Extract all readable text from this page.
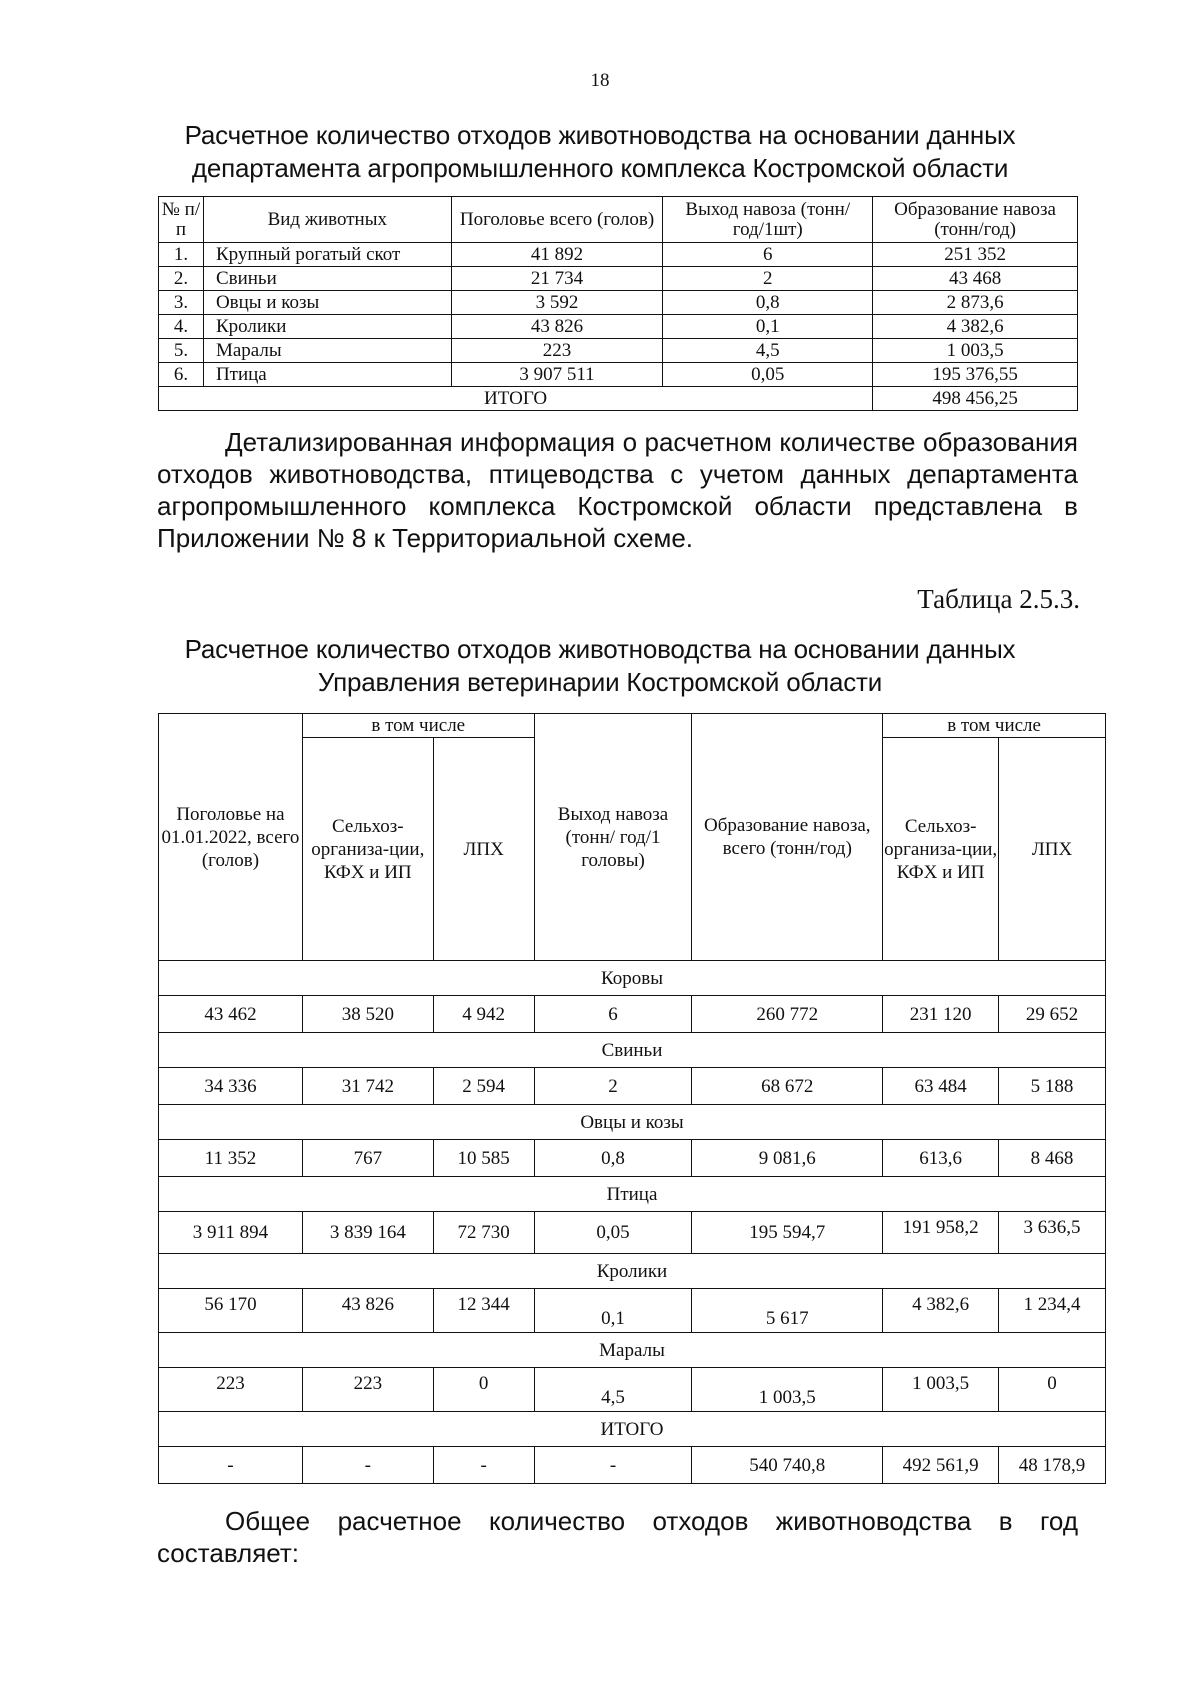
18
Расчетное количество отходов животноводства на основании данных
департамента агропромышленного комплекса Костромской области
№ п/п	Вид животных	Поголовье всего (голов)	Выход навоза (тонн/год/1шт)	Образование навоза (тонн/год)
1.	Крупный рогатый скот	41 892	6	251 352
2.	Свиньи	21 734	2	43 468
3.	Овцы и козы	3 592	0,8	2 873,6
4.	Кролики	43 826	0,1	4 382,6
5.	Маралы	223	4,5	1 003,5
6.	Птица	3 907 511	0,05	195 376,55
ИТОГО				498 456,25
Детализированная информация о расчетном количестве образования
отходов животноводства, птицеводства с учетом данных департамента
агропромышленного комплекса Костромской области представлена в
Приложении № 8 к Территориальной схеме.
Таблица 2.5.3.
Расчетное количество отходов животноводства на основании данных
Управления ветеринарии Костромской области
Поголовье на 01.01.2022, всего (голов)	в том числе		Выход навоза (тонн/ год/1 головы)	Образование навоза, всего (тонн/год)	в том числе	
	Сельхоз-организа-ции, КФХ и ИП	ЛПХ			Сельхоз-организа-ции, КФХ и ИП	ЛПХ
Коровы						
43 462	38 520	4 942	6	260 772	231 120	29 652
Свиньи						
34 336	31 742	2 594	2	68 672	63 484	5 188
Овцы и козы						
11 352	767	10 585	0,8	9 081,6	613,6	8 468
Птица						
3 911 894	3 839 164	72 730	0,05	195 594,7	191 958,2	3 636,5
Кролики						
56 170	43 826	12 344	0,1	5 617	4 382,6	1 234,4
Маралы						
223	223	0	4,5	1 003,5	1 003,5	0
ИТОГО						
-	-	-	-	540 740,8	492 561,9	48 178,9
Общее расчетное количество отходов животноводства в год
составляет:
